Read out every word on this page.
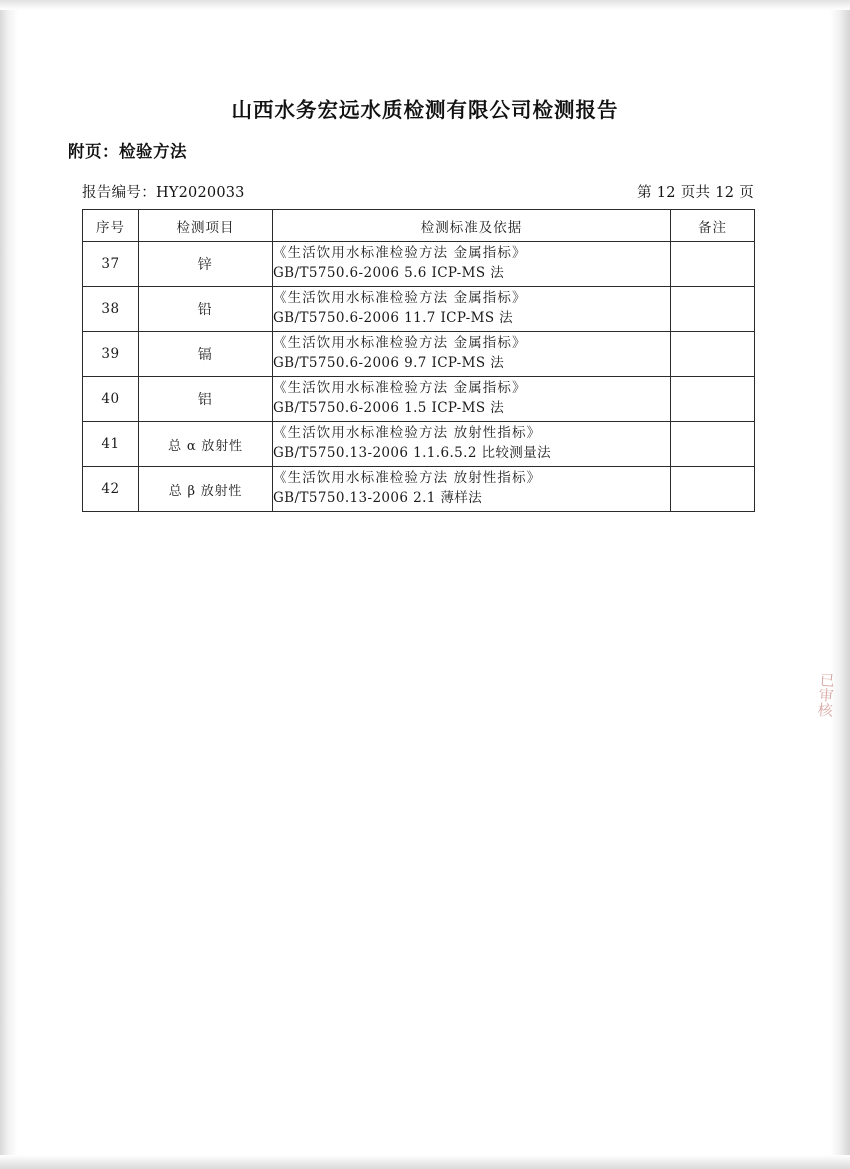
山西水务宏远水质检测有限公司检测报告
附页：检验方法
报告编号：HY2020033	第 12 页共 12 页
序号	检测项目	检测标准及依据	备注
37	锌	《生活饮用水标准检验方法 金属指标》
GB/T5750.6-2006 5.6 ICP-MS 法	

38	铅	《生活饮用水标准检验方法 金属指标》
GB/T5750.6-2006 11.7 ICP-MS 法	

39	镉	《生活饮用水标准检验方法 金属指标》
GB/T5750.6-2006 9.7 ICP-MS 法	

40	铝	《生活饮用水标准检验方法 金属指标》
GB/T5750.6-2006 1.5 ICP-MS 法	

41	总 α 放射性	《生活饮用水标准检验方法 放射性指标》
GB/T5750.13-2006 1.1.6.5.2 比较测量法	

42	总 β 放射性	《生活饮用水标准检验方法 放射性指标》
GB/T5750.13-2006 2.1 薄样法	

已审核
